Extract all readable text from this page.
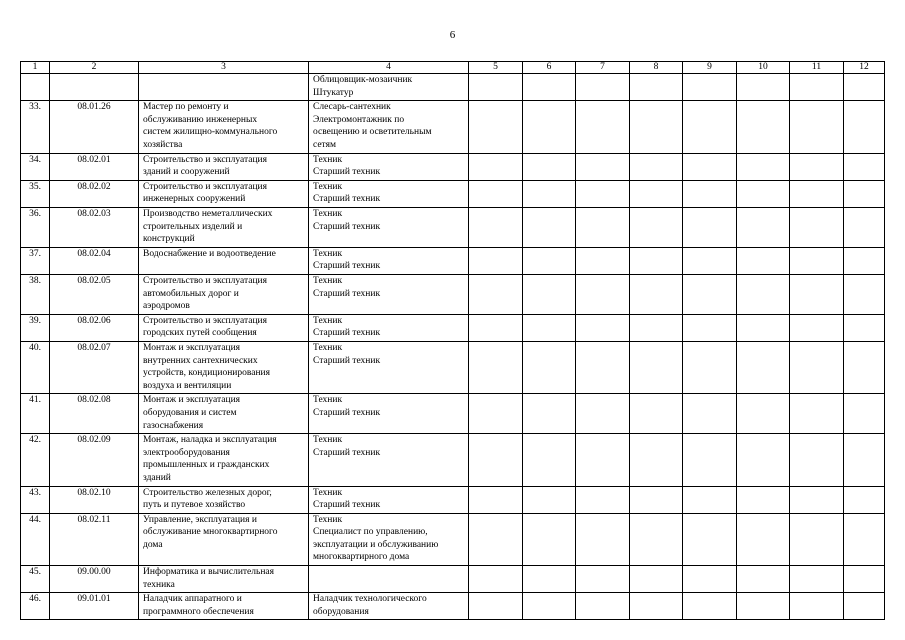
6
1	2	3	4	5	6	7	8	9	10	11	12

			Облицовщик-мозаичник
Штукатур								

33.	08.01.26	Мастер по ремонту и
обслуживанию инженерных
систем жилищно-коммунального
хозяйства	Слесарь-сантехник
Электромонтажник по
освещению и осветительным
сетям								

34.	08.02.01	Строительство и эксплуатация
зданий и сооружений	Техник
Старший техник								

35.	08.02.02	Строительство и эксплуатация
инженерных сооружений	Техник
Старший техник								

36.	08.02.03	Производство неметаллических
строительных изделий и
конструкций	Техник
Старший техник								

37.	08.02.04	Водоснабжение и водоотведение	Техник
Старший техник								

38.	08.02.05	Строительство и эксплуатация
автомобильных дорог и
аэродромов	Техник
Старший техник								

39.	08.02.06	Строительство и эксплуатация
городских путей сообщения	Техник
Старший техник								

40.	08.02.07	Монтаж и эксплуатация
внутренних сантехнических
устройств, кондиционирования
воздуха и вентиляции	Техник
Старший техник								

41.	08.02.08	Монтаж и эксплуатация
оборудования и систем
газоснабжения	Техник
Старший техник								

42.	08.02.09	Монтаж, наладка и эксплуатация
электрооборудования
промышленных и гражданских
зданий	Техник
Старший техник								

43.	08.02.10	Строительство железных дорог,
путь и путевое хозяйство	Техник
Старший техник								

44.	08.02.11	Управление, эксплуатация и
обслуживание многоквартирного
дома	Техник
Специалист по управлению,
эксплуатации и обслуживанию
многоквартирного дома								

45.	09.00.00	Информатика и вычислительная
техника									

46.	09.01.01	Наладчик аппаратного и
программного обеспечения	Наладчик технологического
оборудования								
